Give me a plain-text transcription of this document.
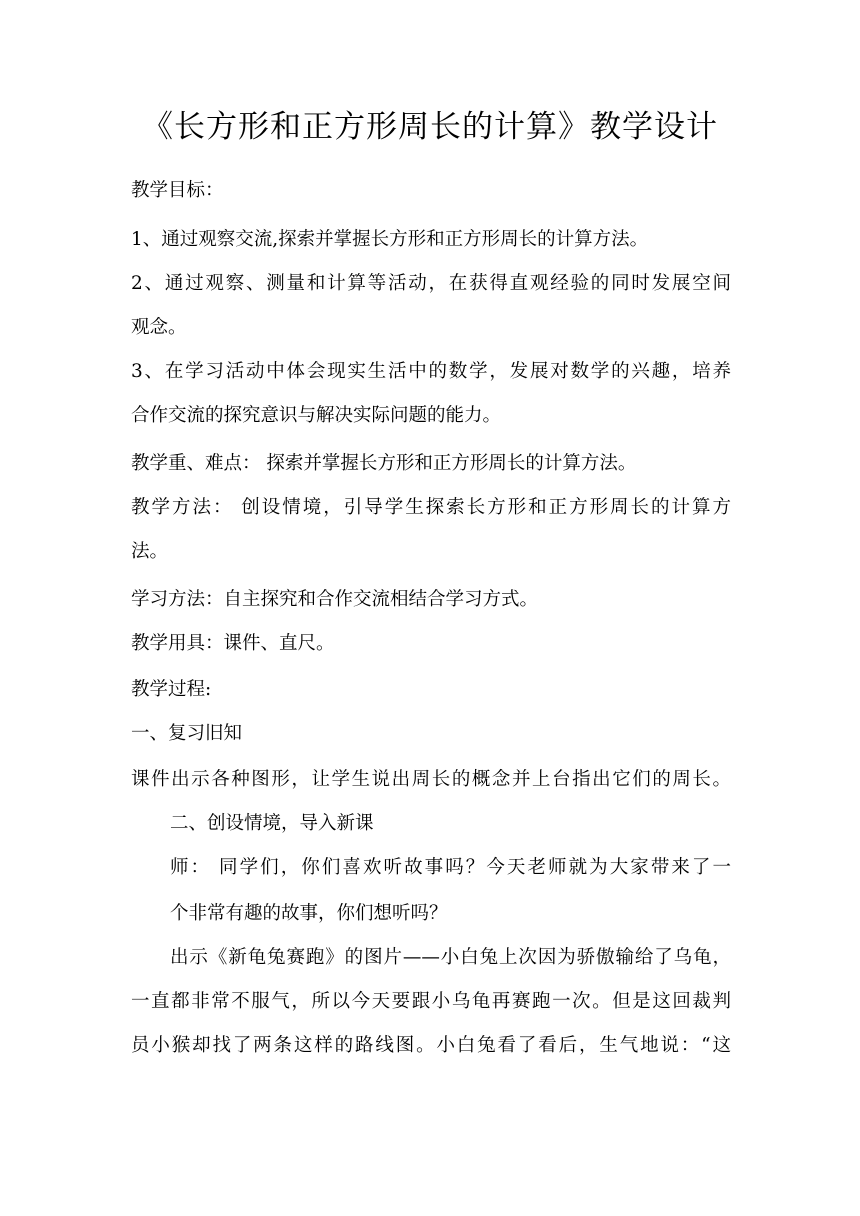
《长方形和正方形周长的计算》教学设计
教学目标：
1、通过观察交流,探索并掌握长方形和正方形周长的计算方法。
2、通过观察、测量和计算等活动，在获得直观经验的同时发展空间
观念。
3、在学习活动中体会现实生活中的数学，发展对数学的兴趣，培养
合作交流的探究意识与解决实际问题的能力。
教学重、难点： 探索并掌握长方形和正方形周长的计算方法。
教学方法： 创设情境，引导学生探索长方形和正方形周长的计算方
法。
学习方法：自主探究和合作交流相结合学习方式。
教学用具：课件、直尺。
教学过程:
一、复习旧知
课件出示各种图形，让学生说出周长的概念并上台指出它们的周长。
二、创设情境，导入新课
师： 同学们，你们喜欢听故事吗？今天老师就为大家带来了一
个非常有趣的故事，你们想听吗？
出示《新龟兔赛跑》的图片——小白兔上次因为骄傲输给了乌龟，
一直都非常不服气，所以今天要跟小乌龟再赛跑一次。但是这回裁判
员小猴却找了两条这样的路线图。小白兔看了看后，生气地说：“这
